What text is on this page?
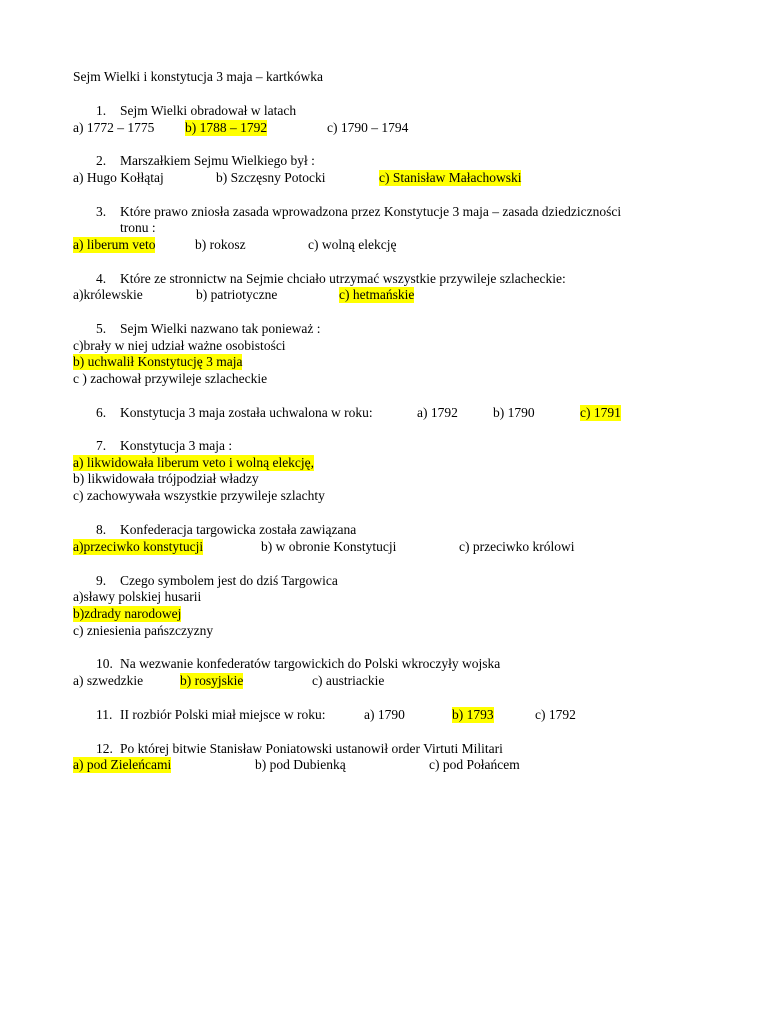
Sejm Wielki i konstytucja 3 maja – kartkówka
1. Sejm Wielki obradował w latach
a) 1772 – 1775 b) 1788 – 1792	c) 1790 – 1794
2. Marszałkiem Sejmu Wielkiego był :
a) Hugo Kołłątaj	b) Szczęsny Potocki	c) Stanisław Małachowski
3. Które prawo zniosła zasada wprowadzona przez Konstytucje 3 maja – zasada dziedziczności
tronu :
a) liberum veto	b) rokosz	c) wolną elekcję
4. Które ze stronnictw na Sejmie chciało utrzymać wszystkie przywileje szlacheckie:
a)królewskie	b) patriotyczne	c) hetmańskie
5. Sejm Wielki nazwano tak ponieważ :
c)brały w niej udział ważne osobistości
b) uchwalił Konstytucję 3 maja
c ) zachował przywileje szlacheckie
6. Konstytucja 3 maja została uchwalona w roku:	a) 1792	b) 1790	c) 1791
7. Konstytucja 3 maja :
a) likwidowała liberum veto i wolną elekcję,
b) likwidowała trójpodział władzy
c) zachowywała wszystkie przywileje szlachty
8. Konfederacja targowicka została zawiązana
a)przeciwko konstytucji	b) w obronie Konstytucji	c) przeciwko królowi
9. Czego symbolem jest do dziś Targowica
a)sławy polskiej husarii
b)zdrady narodowej
c) zniesienia pańszczyzny
10. Na wezwanie konfederatów targowickich do Polski wkroczyły wojska
a) szwedzkie	b) rosyjskie	c) austriackie
11. II rozbiór Polski miał miejsce w roku:	a) 1790	b) 1793	c) 1792
12. Po której bitwie Stanisław Poniatowski ustanowił order Virtuti Militari
a) pod Zieleńcami	b) pod Dubienką	c) pod Połańcem
